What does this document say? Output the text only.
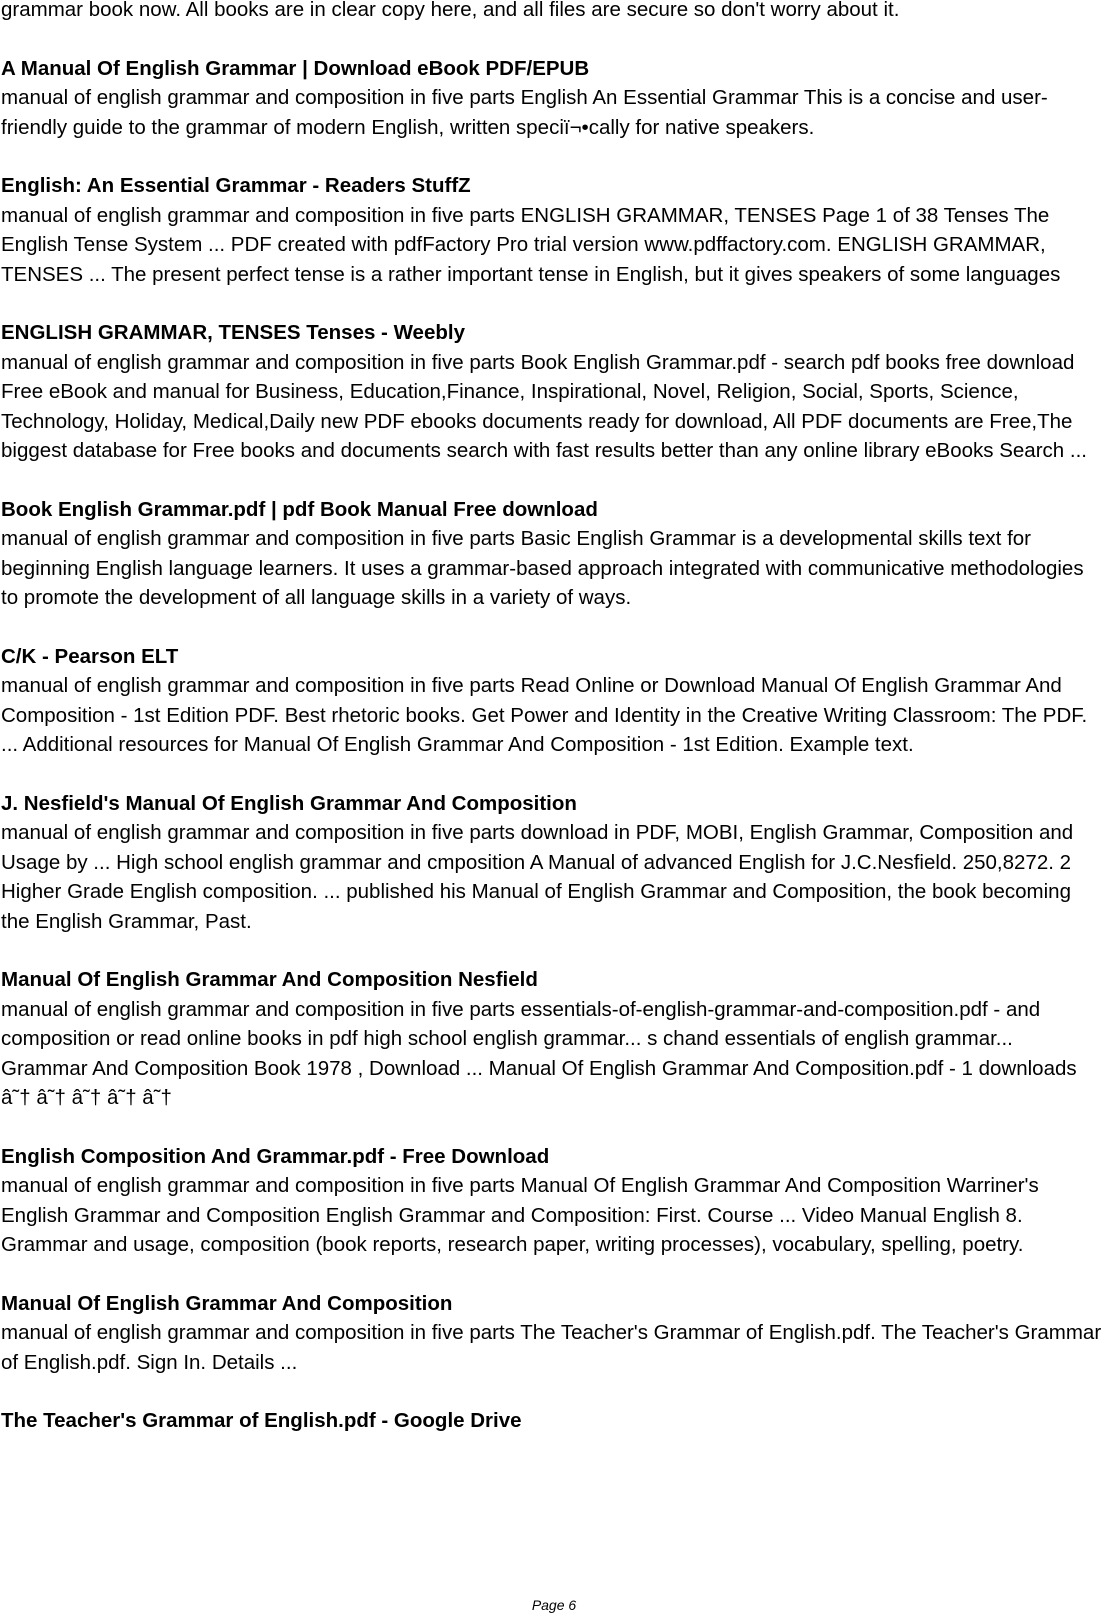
grammar book now. All books are in clear copy here, and all files are secure so don't worry about it.

A Manual Of English Grammar | Download eBook PDF/EPUB

manual of english grammar and composition in five parts English An Essential Grammar This is a concise and user-friendly guide to the grammar of modern English, written speciï¬•cally for native speakers.

English: An Essential Grammar - Readers StuffZ

manual of english grammar and composition in five parts ENGLISH GRAMMAR, TENSES Page 1 of 38 Tenses The English Tense System ... PDF created with pdfFactory Pro trial version www.pdffactory.com. ENGLISH GRAMMAR, TENSES ... The present perfect tense is a rather important tense in English, but it gives speakers of some languages

ENGLISH GRAMMAR, TENSES Tenses - Weebly

manual of english grammar and composition in five parts Book English Grammar.pdf - search pdf books free download Free eBook and manual for Business, Education,Finance, Inspirational, Novel, Religion, Social, Sports, Science, Technology, Holiday, Medical,Daily new PDF ebooks documents ready for download, All PDF documents are Free,The biggest database for Free books and documents search with fast results better than any online library eBooks Search ...

Book English Grammar.pdf | pdf Book Manual Free download

manual of english grammar and composition in five parts Basic English Grammar is a developmental skills text for beginning English language learners. It uses a grammar-based approach integrated with communicative methodologies to promote the development of all language skills in a variety of ways.

C/K - Pearson ELT

manual of english grammar and composition in five parts Read Online or Download Manual Of English Grammar And Composition - 1st Edition PDF. Best rhetoric books. Get Power and Identity in the Creative Writing Classroom: The PDF. ... Additional resources for Manual Of English Grammar And Composition - 1st Edition. Example text.

J. Nesfield's Manual Of English Grammar And Composition

manual of english grammar and composition in five parts download in PDF, MOBI, English Grammar, Composition and Usage by ... High school english grammar and cmposition A Manual of advanced English for J.C.Nesfield. 250,8272. 2 Higher Grade English composition. ... published his Manual of English Grammar and Composition, the book becoming the English Grammar, Past.

Manual Of English Grammar And Composition Nesfield

manual of english grammar and composition in five parts essentials-of-english-grammar-and-composition.pdf - and composition or read online books in pdf high school english grammar... s chand essentials of english grammar... Grammar And Composition Book 1978 , Download ... Manual Of English Grammar And Composition.pdf - 1 downloads â˜† â˜† â˜† â˜† â˜†

English Composition And Grammar.pdf - Free Download

manual of english grammar and composition in five parts Manual Of English Grammar And Composition Warriner's English Grammar and Composition English Grammar and Composition: First. Course ... Video Manual English 8. Grammar and usage, composition (book reports, research paper, writing processes), vocabulary, spelling, poetry.

Manual Of English Grammar And Composition

manual of english grammar and composition in five parts The Teacher's Grammar of English.pdf. The Teacher's Grammar of English.pdf. Sign In. Details ...

The Teacher's Grammar of English.pdf - Google Drive

Page 6
